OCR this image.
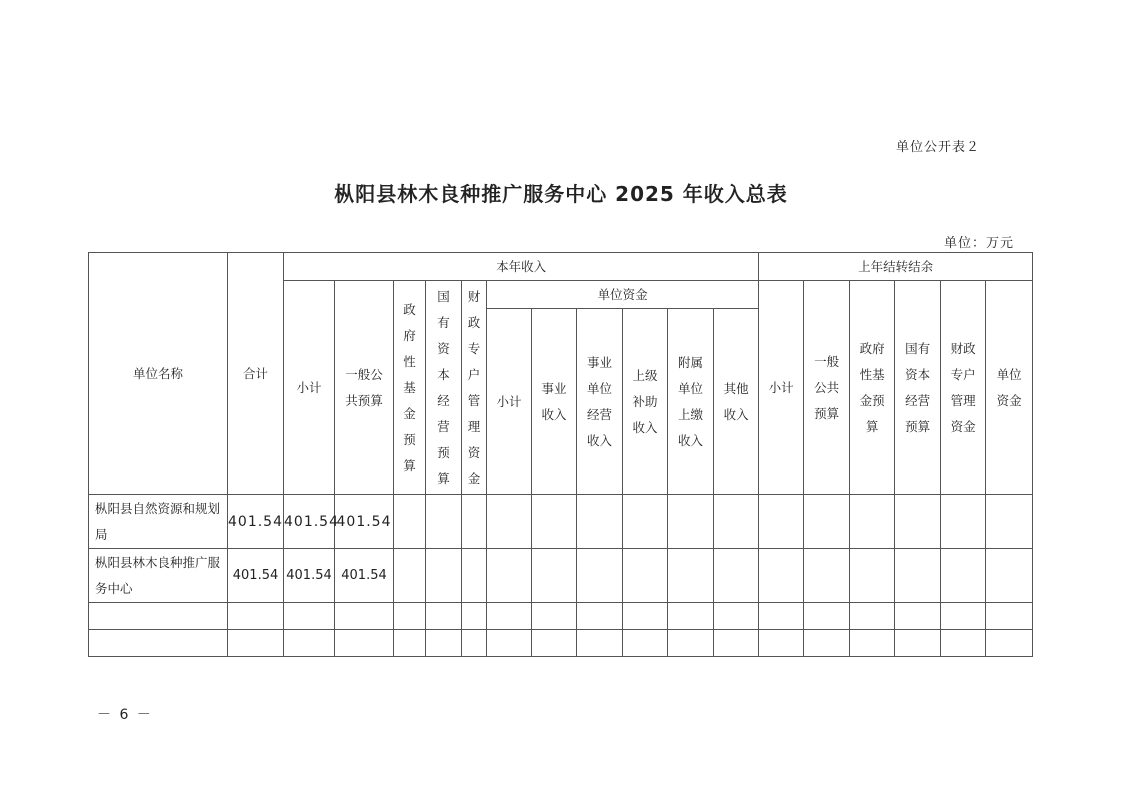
单位公开表２
枞阳县林木良种推广服务中心 2025 年收入总表
单位：万元
单位名称	合计	本年收入											上年结转结余					
		小计	一般公共预算	政府性基金预算	国有资本经营预算	财政专户管理资金	单位资金						小计	一般公共预算	政府性基金预算	国有资本经营预算	财政专户管理资金	单位资金
							小计	事业收入	事业单位经营收入	上级补助收入	附属单位上缴收入	其他收入						
枞阳县自然资源和规划局	401.54	401.54	401.54															
枞阳县林木良种推广服务中心	401.54	401.54	401.54															

－ 6 －
